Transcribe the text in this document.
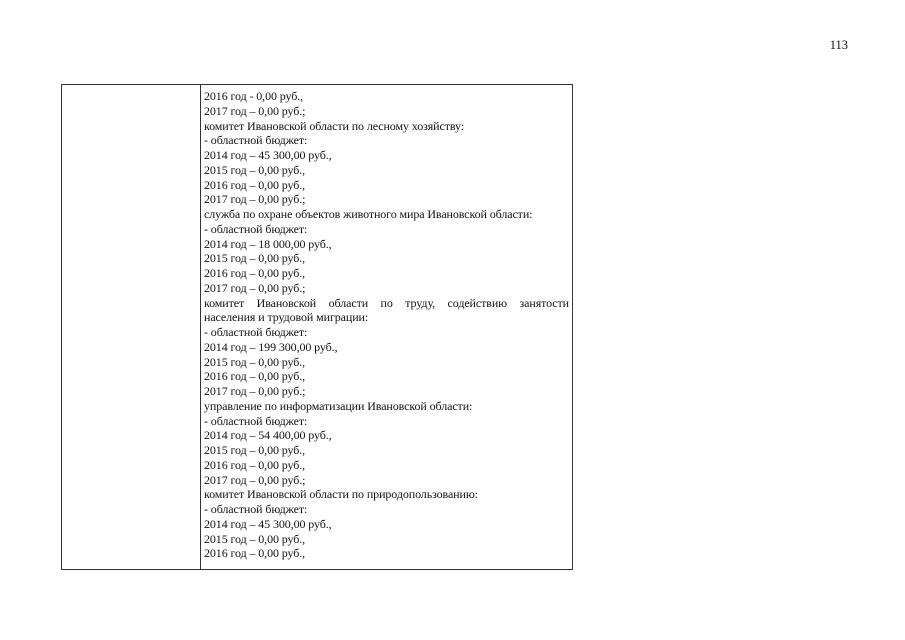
113
2016 год - 0,00 руб.,
2017 год – 0,00 руб.;
комитет Ивановской области по лесному хозяйству:
- областной бюджет:
2014 год – 45 300,00 руб.,
2015 год – 0,00 руб.,
2016 год – 0,00 руб.,
2017 год – 0,00 руб.;
служба по охране объектов животного мира Ивановской области:
- областной бюджет:
2014 год – 18 000,00 руб.,
2015 год – 0,00 руб.,
2016 год – 0,00 руб.,
2017 год – 0,00 руб.;
комитет Ивановской области по труду, содействию занятости
населения и трудовой миграции:
- областной бюджет:
2014 год – 199 300,00 руб.,
2015 год – 0,00 руб.,
2016 год – 0,00 руб.,
2017 год – 0,00 руб.;
управление по информатизации Ивановской области:
- областной бюджет:
2014 год – 54 400,00 руб.,
2015 год – 0,00 руб.,
2016 год – 0,00 руб.,
2017 год – 0,00 руб.;
комитет Ивановской области по природопользованию:
- областной бюджет:
2014 год – 45 300,00 руб.,
2015 год – 0,00 руб.,
2016 год – 0,00 руб.,
